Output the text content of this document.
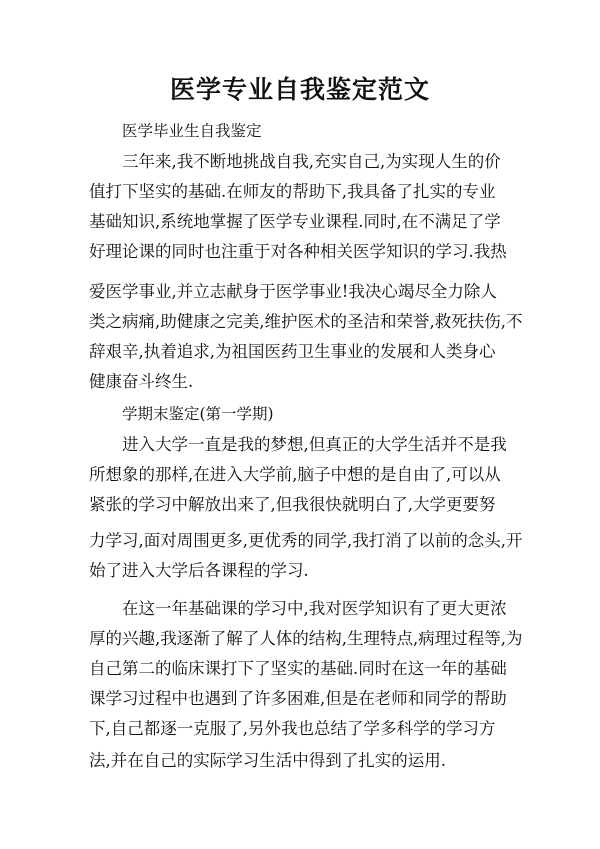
医学专业自我鉴定范文
医学毕业生自我鉴定
三年来,我不断地挑战自我,充实自己,为实现人生的价
值打下坚实的基础.在师友的帮助下,我具备了扎实的专业
基础知识,系统地掌握了医学专业课程.同时,在不满足了学
好理论课的同时也注重于对各种相关医学知识的学习.我热
爱医学事业,并立志献身于医学事业!我决心竭尽全力除人
类之病痛,助健康之完美,维护医术的圣洁和荣誉,救死扶伤,不
辞艰辛,执着追求,为祖国医药卫生事业的发展和人类身心
健康奋斗终生.
学期末鉴定(第一学期)
进入大学一直是我的梦想,但真正的大学生活并不是我
所想象的那样,在进入大学前,脑子中想的是自由了,可以从
紧张的学习中解放出来了,但我很快就明白了,大学更要努
力学习,面对周围更多,更优秀的同学,我打消了以前的念头,开
始了进入大学后各课程的学习.
在这一年基础课的学习中,我对医学知识有了更大更浓
厚的兴趣,我逐渐了解了人体的结构,生理特点,病理过程等,为
自己第二的临床课打下了坚实的基础.同时在这一年的基础
课学习过程中也遇到了许多困难,但是在老师和同学的帮助
下,自己都逐一克服了,另外我也总结了学多科学的学习方
法,并在自己的实际学习生活中得到了扎实的运用.
